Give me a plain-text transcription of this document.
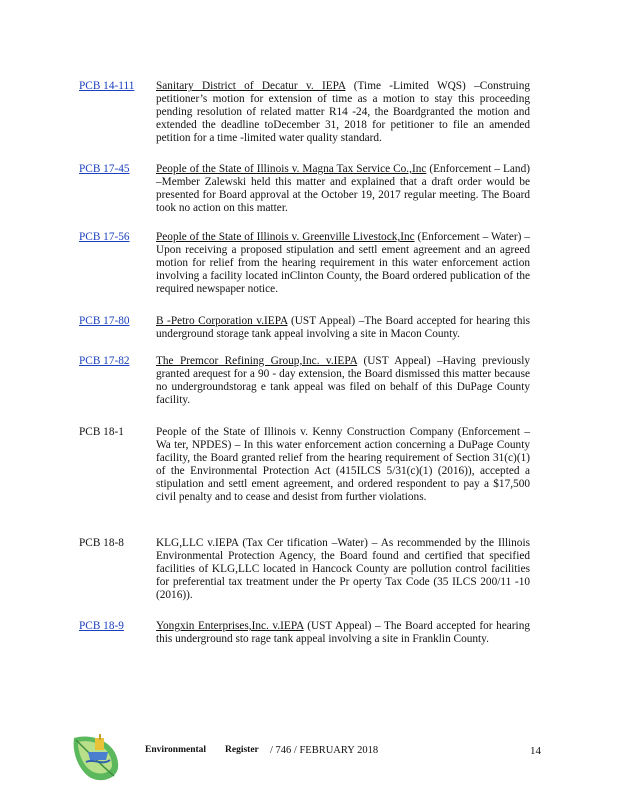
PCB 14-111 Sanitary District of Decatur v. IEPA (Time -Limited WQS) –Construing petitioner’s motion for extension of time as a motion to stay this proceeding pending resolution of related matter R14 -24, the Boardgranted the motion and extended the deadline toDecember 31, 2018 for petitioner to file an amended petition for a time -limited water quality standard.
PCB 17-45 People of the State of Illinois v. Magna Tax Service Co.,Inc (Enforcement – Land) –Member Zalewski held this matter and explained that a draft order would be presented for Board approval at the October 19, 2017 regular meeting. The Board took no action on this matter.
PCB 17-56 People of the State of Illinois v. Greenville Livestock,Inc (Enforcement – Water) –Upon receiving a proposed stipulation and settl ement agreement and an agreed motion for relief from the hearing requirement in this water enforcement action involving a facility located inClinton County, the Board ordered publication of the required newspaper notice.
PCB 17-80 B -Petro Corporation v.IEPA (UST Appeal) –The Board accepted for hearing this underground storage tank appeal involving a site in Macon County.
PCB 17-82 The Premcor Refining Group,Inc. v.IEPA (UST Appeal) –Having previously granted arequest for a 90 - day extension, the Board dismissed this matter because no undergroundstorag e tank appeal was filed on behalf of this DuPage County facility.
PCB 18-1	People of the State of Illinois v. Kenny Construction Company (Enforcement – Wa ter, NPDES) – In this water enforcement action concerning a DuPage County facility, the Board granted relief from the hearing requirement of Section 31(c)(1) of the Environmental Protection Act (415ILCS 5/31(c)(1) (2016)), accepted a stipulation and settl ement agreement, and ordered respondent to pay a $17,500 civil penalty and to cease and desist from further violations.
PCB 18-8	KLG,LLC v.IEPA (Tax Cer tification –Water) – As recommended by the Illinois Environmental Protection Agency, the Board found and certified that specified facilities of KLG,LLC located in Hancock County are pollution control facilities for preferential tax treatment under the Pr operty Tax Code (35 ILCS 200/11 -10 (2016)).
PCB 18-9	Yongxin Enterprises,Inc. v.IEPA (UST Appeal) – The Board accepted for hearing this underground sto rage tank appeal involving a site in Franklin County.
Environmental Register / 746 / FEBRUARY 2018	14
